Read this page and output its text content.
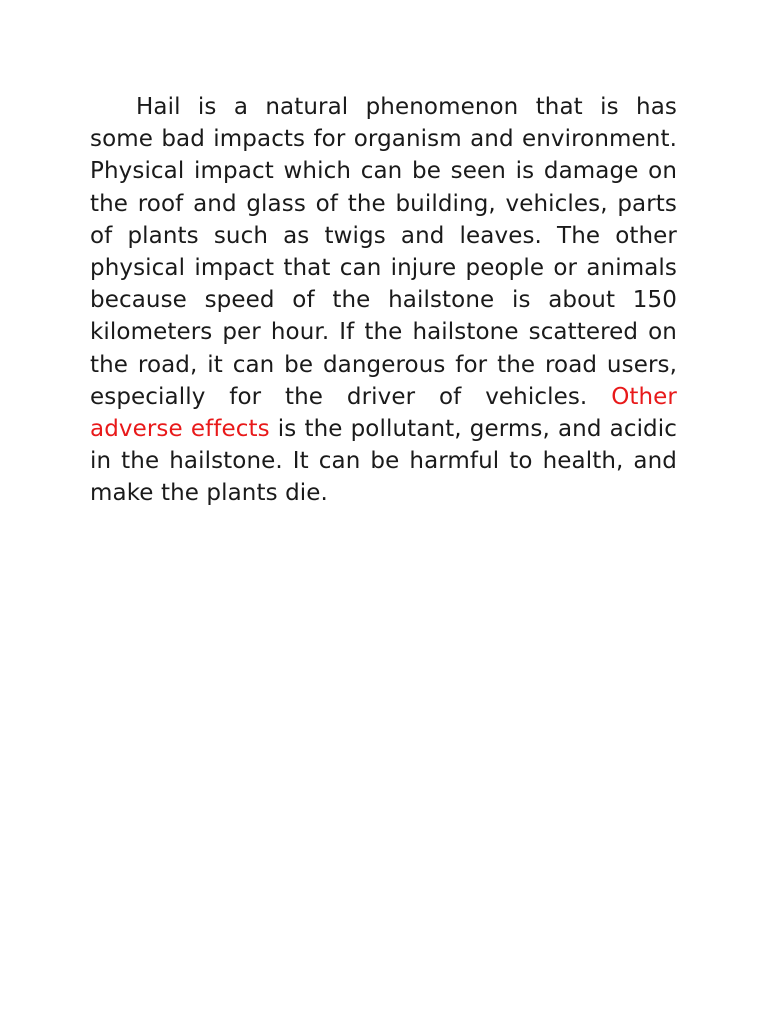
Hail is a natural phenomenon that is has some bad impacts for organism and environment. Physical impact which can be seen is damage on the roof and glass of the building, vehicles, parts of plants such as twigs and leaves. The other physical impact that can injure people or animals because speed of the hailstone is about 150 kilometers per hour. If the hailstone scattered on the road, it can be dangerous for the road users, especially for the driver of vehicles. Other adverse effects is the pollutant, germs, and acidic in the hailstone. It can be harmful to health, and make the plants die.
